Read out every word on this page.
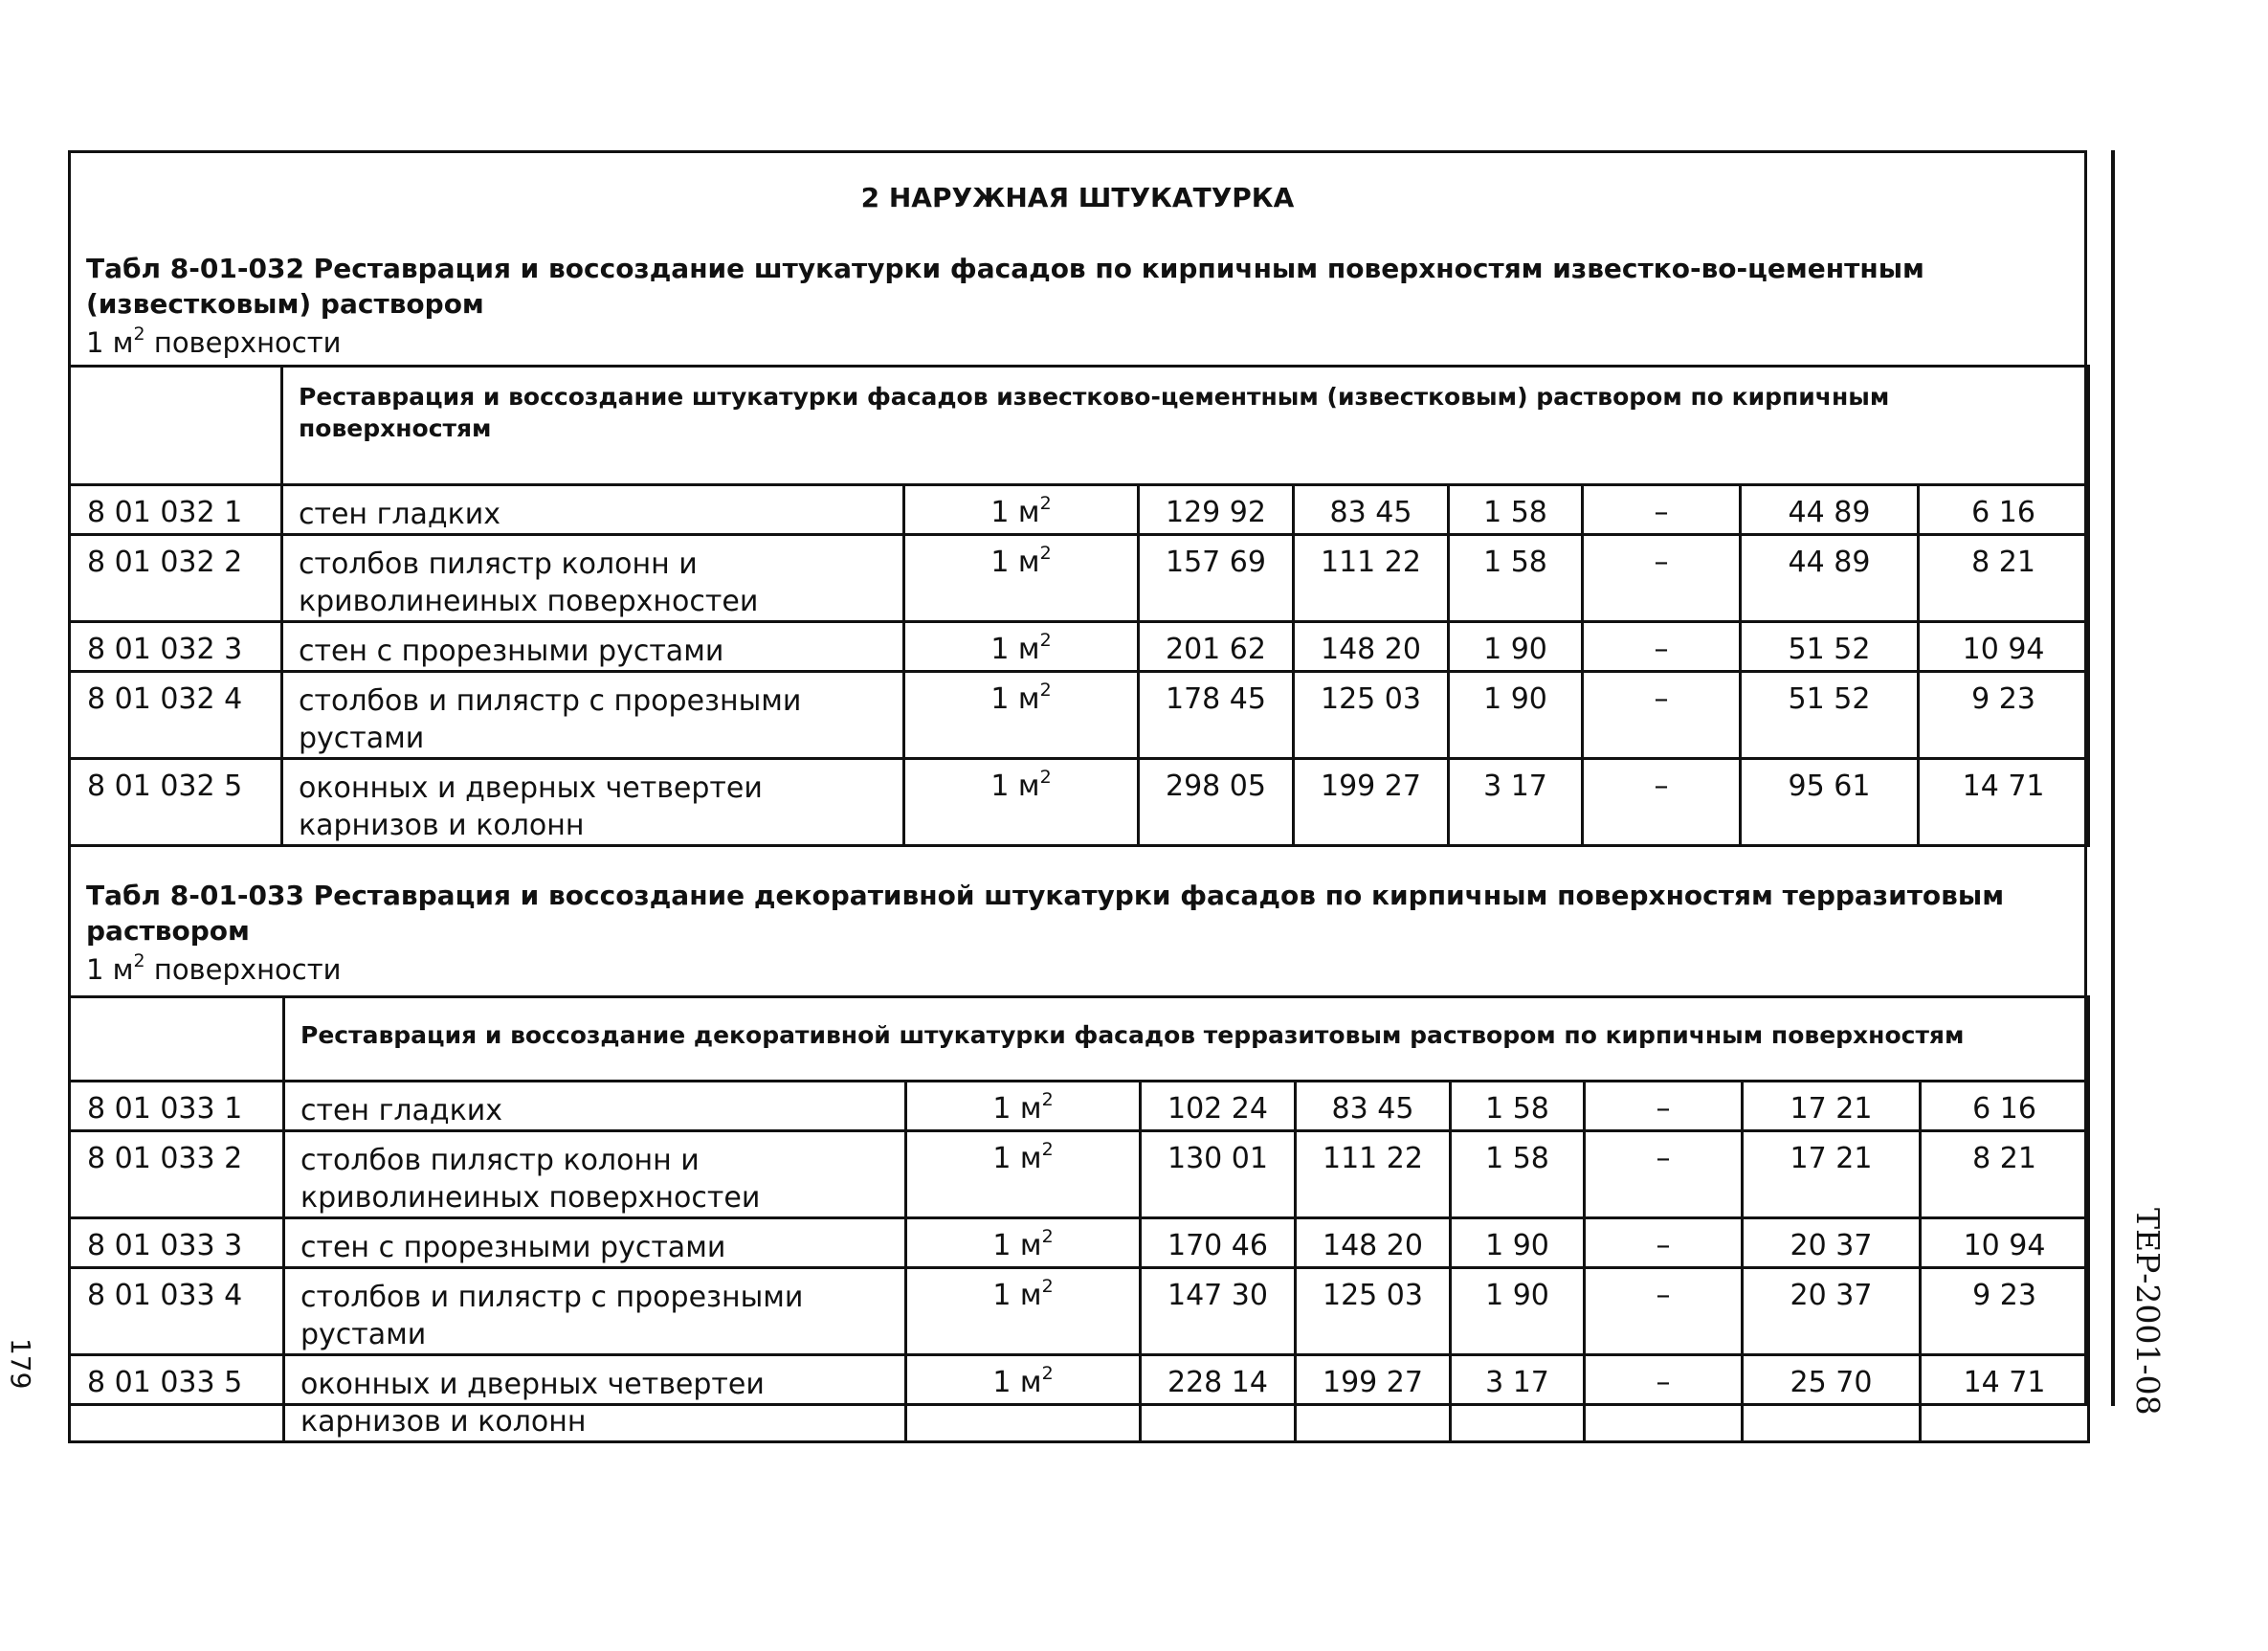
2 НАРУЖНАЯ ШТУКАТУРКА
Табл 8-01-032 Реставрация и воссоздание штукатурки фасадов по кирпичным поверхностям известко-во-цементным (известковым) раствором
1 $м^2$ поверхности
	Реставрация и воссоздание штукатурки фасадов известково-цементным (известковым) раствором по кирпичным поверхностям							
8 01 032 1	стен гладких	1 $м^2$	129 92	83 45	1 58	–	44 89	6 16
8 01 032 2	столбов пилястр колонн и криволинеиных поверхностеи	1 $м^2$	157 69	111 22	1 58	–	44 89	8 21
8 01 032 3	стен с прорезными рустами	1 $м^2$	201 62	148 20	1 90	–	51 52	10 94
8 01 032 4	столбов и пилястр с прорезными рустами	1 $м^2$	178 45	125 03	1 90	–	51 52	9 23
8 01 032 5	оконных и дверных четвертеи карнизов и колонн	1 $м^2$	298 05	199 27	3 17	–	95 61	14 71
Табл 8-01-033 Реставрация и воссоздание декоративной штукатурки фасадов по кирпичным поверхностям терразитовым раствором
1 $м^2$ поверхности
	Реставрация и воссоздание декоративной штукатурки фасадов терразитовым раствором по кирпичным поверхностям							
8 01 033 1	стен гладких	1 $м^2$	102 24	83 45	1 58	–	17 21	6 16
8 01 033 2	столбов пилястр колонн и криволинеиных поверхностеи	1 $м^2$	130 01	111 22	1 58	–	17 21	8 21
8 01 033 3	стен с прорезными рустами	1 $м^2$	170 46	148 20	1 90	–	20 37	10 94
8 01 033 4	столбов и пилястр с прорезными рустами	1 $м^2$	147 30	125 03	1 90	–	20 37	9 23
8 01 033 5	оконных и дверных четвертеи карнизов и колонн	1 $м^2$	228 14	199 27	3 17	–	25 70	14 71	ТЕР-2001-08
179
